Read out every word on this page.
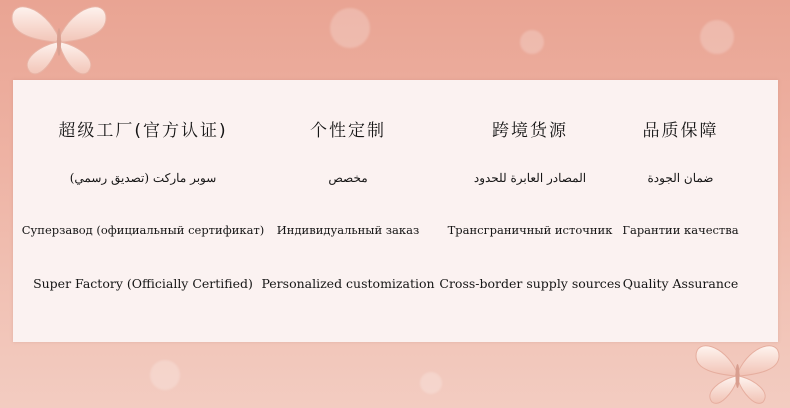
超级工厂(官方认证)
سوبر ماركت (تصديق رسمي)
Суперзавод (официальный сертификат)
Super Factory (Officially Certified)
个性定制
مخصص
Индивидуальный заказ
Personalized customization
跨境货源
المصادر العابرة للحدود
Трансграничный источник
Cross-border supply sources
品质保障
ضمان الجودة
Гарантии качества
Quality Assurance
